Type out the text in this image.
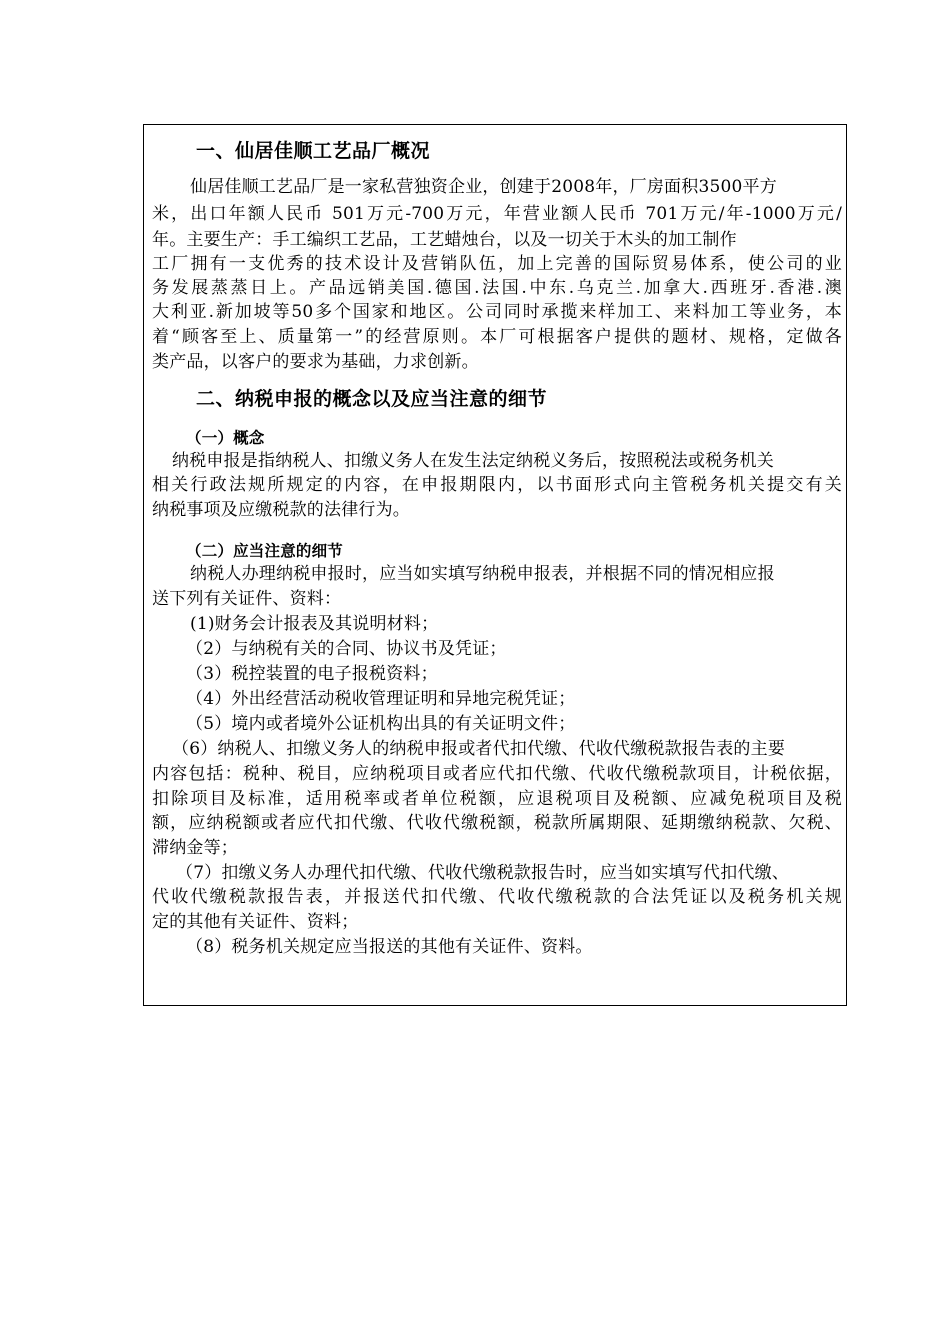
一、仙居佳顺工艺品厂概况
仙居佳顺工艺品厂是一家私营独资企业，创建于2008年，厂房面积3500平方
米，出口年额人民币 501万元-700万元，年营业额人民币 701万元/年-1000万元/
年。主要生产：手工编织工艺品，工艺蜡烛台，以及一切关于木头的加工制作
工厂拥有一支优秀的技术设计及营销队伍，加上完善的国际贸易体系，使公司的业
务发展蒸蒸日上。产品远销美国.德国.法国.中东.乌克兰.加拿大.西班牙.香港.澳
大利亚.新加坡等50多个国家和地区。公司同时承揽来样加工、来料加工等业务，本
着“顾客至上、质量第一”的经营原则。本厂可根据客户提供的题材、规格，定做各
类产品，以客户的要求为基础，力求创新。
二、纳税申报的概念以及应当注意的细节
（一）概念
纳税申报是指纳税人、扣缴义务人在发生法定纳税义务后，按照税法或税务机关
相关行政法规所规定的内容，在申报期限内，以书面形式向主管税务机关提交有关
纳税事项及应缴税款的法律行为。
（二）应当注意的细节
纳税人办理纳税申报时，应当如实填写纳税申报表，并根据不同的情况相应报
送下列有关证件、资料：
(1)财务会计报表及其说明材料；
（2）与纳税有关的合同、协议书及凭证；
（3）税控装置的电子报税资料；
（4）外出经营活动税收管理证明和异地完税凭证；
（5）境内或者境外公证机构出具的有关证明文件；
（6）纳税人、扣缴义务人的纳税申报或者代扣代缴、代收代缴税款报告表的主要
内容包括：税种、税目，应纳税项目或者应代扣代缴、代收代缴税款项目，计税依据，
扣除项目及标准，适用税率或者单位税额，应退税项目及税额、应减免税项目及税
额，应纳税额或者应代扣代缴、代收代缴税额，税款所属期限、延期缴纳税款、欠税、
滞纳金等；
（7）扣缴义务人办理代扣代缴、代收代缴税款报告时，应当如实填写代扣代缴、
代收代缴税款报告表，并报送代扣代缴、代收代缴税款的合法凭证以及税务机关规
定的其他有关证件、资料；
（8）税务机关规定应当报送的其他有关证件、资料。
